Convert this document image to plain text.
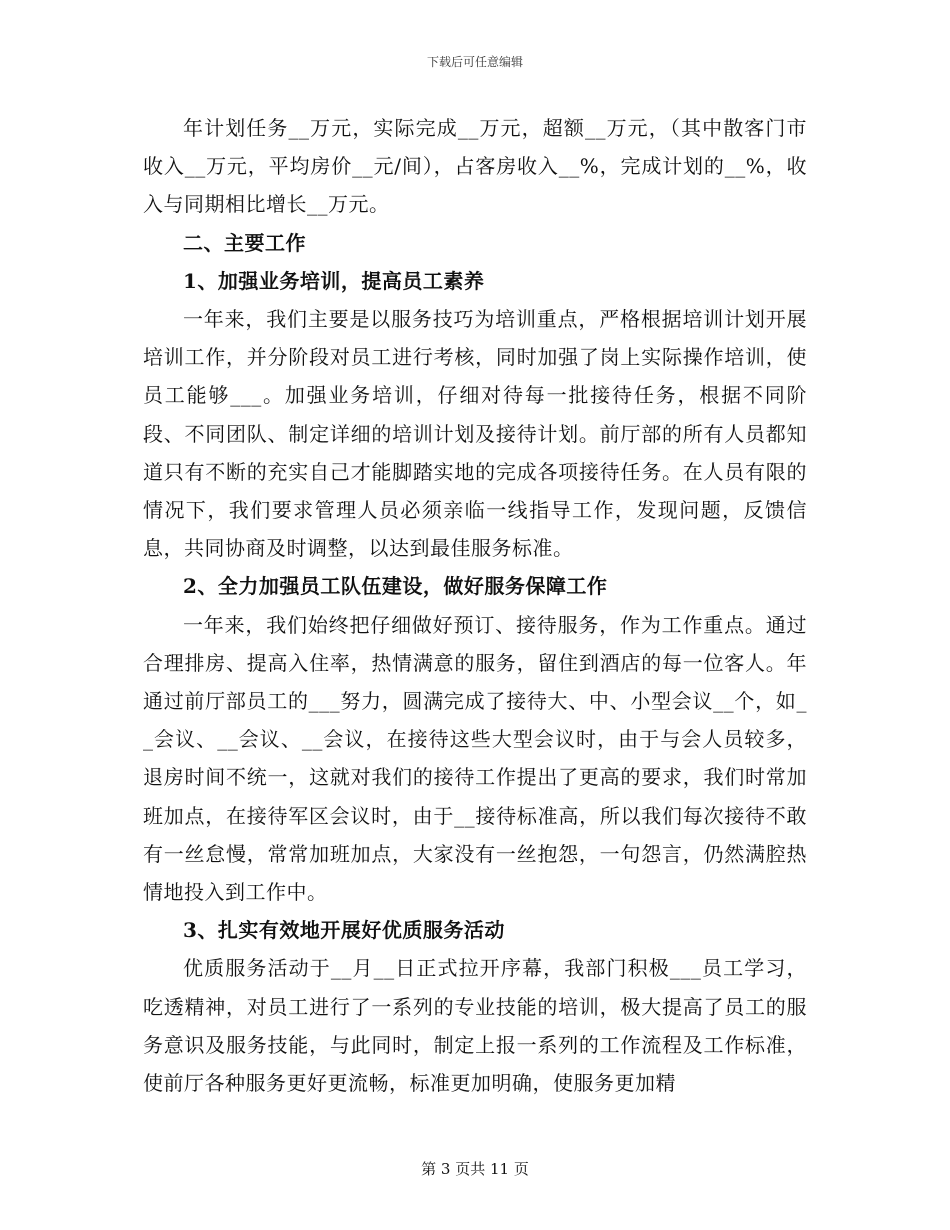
下载后可任意编辑

年计划任务__万元，实际完成__万元，超额__万元，（其中散客门市收入__万元，平均房价__元/间），占客房收入__%，完成计划的__%，收入与同期相比增长__万元。

二、主要工作

1、加强业务培训，提高员工素养

一年来，我们主要是以服务技巧为培训重点，严格根据培训计划开展培训工作，并分阶段对员工进行考核，同时加强了岗上实际操作培训，使员工能够___。加强业务培训，仔细对待每一批接待任务，根据不同阶段、不同团队、制定详细的培训计划及接待计划。前厅部的所有人员都知道只有不断的充实自己才能脚踏实地的完成各项接待任务。在人员有限的情况下，我们要求管理人员必须亲临一线指导工作，发现问题，反馈信息，共同协商及时调整，以达到最佳服务标准。

2、全力加强员工队伍建设，做好服务保障工作

一年来，我们始终把仔细做好预订、接待服务，作为工作重点。通过合理排房、提高入住率，热情满意的服务，留住到酒店的每一位客人。年通过前厅部员工的___努力，圆满完成了接待大、中、小型会议__个，如__会议、__会议、__会议，在接待这些大型会议时，由于与会人员较多，退房时间不统一，这就对我们的接待工作提出了更高的要求，我们时常加班加点，在接待军区会议时，由于__接待标准高，所以我们每次接待不敢有一丝怠慢，常常加班加点，大家没有一丝抱怨，一句怨言，仍然满腔热情地投入到工作中。

3、扎实有效地开展好优质服务活动

优质服务活动于__月__日正式拉开序幕，我部门积极___员工学习，吃透精神，对员工进行了一系列的专业技能的培训，极大提高了员工的服务意识及服务技能，与此同时，制定上报一系列的工作流程及工作标准，使前厅各种服务更好更流畅，标准更加明确，使服务更加精

第 3 页共 11 页
